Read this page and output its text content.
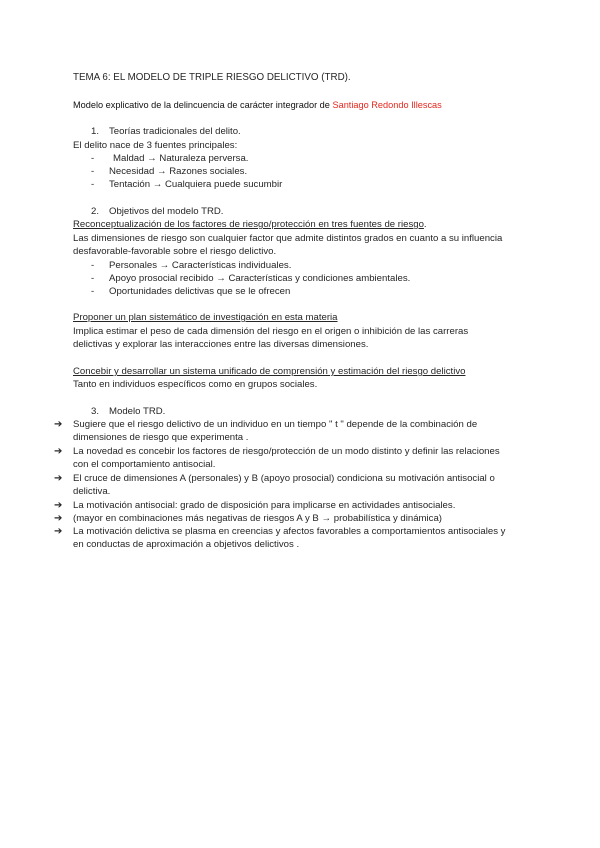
TEMA 6: EL MODELO DE TRIPLE RIESGO DELICTIVO (TRD).
Modelo explicativo de la delincuencia de carácter integrador de Santiago Redondo Illescas
1. Teorías tradicionales del delito.
El delito nace de 3 fuentes principales:
- Maldad → Naturaleza perversa.
- Necesidad → Razones sociales.
- Tentación → Cualquiera puede sucumbir
2. Objetivos del modelo TRD.
Reconceptualización de los factores de riesgo/protección en tres fuentes de riesgo.
Las dimensiones de riesgo son cualquier factor que admite distintos grados en cuanto a su influencia
desfavorable-favorable sobre el riesgo delictivo.
- Personales → Características individuales.
- Apoyo prosocial recibido → Características y condiciones ambientales.
- Oportunidades delictivas que se le ofrecen
Proponer un plan sistemático de investigación en esta materia
Implica estimar el peso de cada dimensión del riesgo en el origen o inhibición de las carreras
delictivas y explorar las interacciones entre las diversas dimensiones.
Concebir y desarrollar un sistema unificado de comprensión y estimación del riesgo delictivo
Tanto en individuos específicos como en grupos sociales.
3. Modelo TRD.
➔ Sugiere que el riesgo delictivo de un individuo en un tiempo " t " depende de la combinación de
dimensiones de riesgo que experimenta .
➔ La novedad es concebir los factores de riesgo/protección de un modo distinto y definir las relaciones
con el comportamiento antisocial.
➔ El cruce de dimensiones A (personales) y B (apoyo prosocial) condiciona su motivación antisocial o
delictiva.
➔ La motivación antisocial: grado de disposición para implicarse en actividades antisociales.
➔ (mayor en combinaciones más negativas de riesgos A y B → probabilística y dinámica)
➔ La motivación delictiva se plasma en creencias y afectos favorables a comportamientos antisociales y
en conductas de aproximación a objetivos delictivos .
